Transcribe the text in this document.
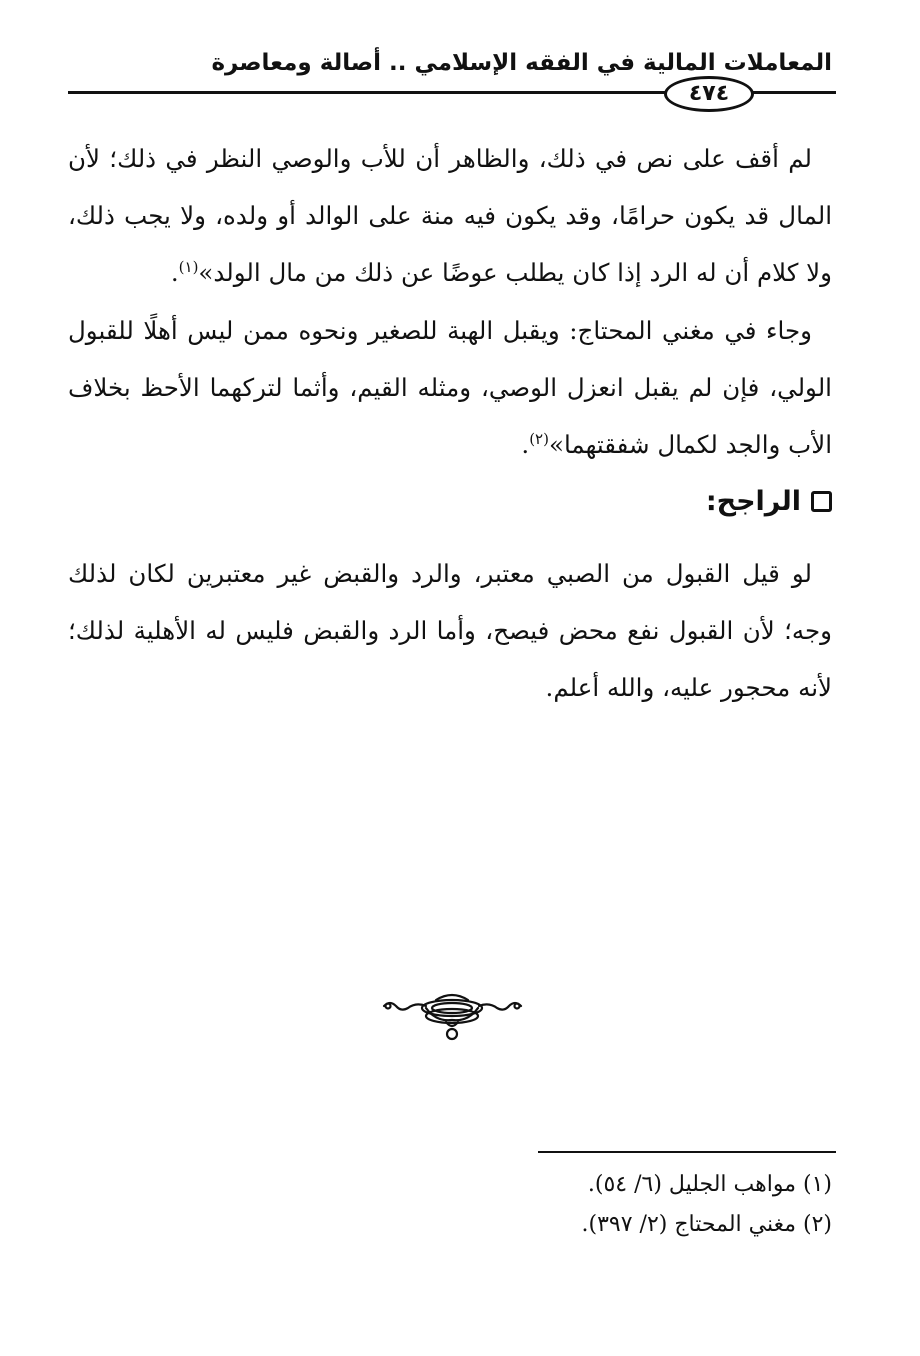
المعاملات المالية في الفقه الإسلامي .. أصالة ومعاصرة
٤٧٤

لم أقف على نص في ذلك، والظاهر أن للأب والوصي النظر في ذلك؛ لأن المال قد يكون حرامًا، وقد يكون فيه منة على الوالد أو ولده، ولا يجب ذلك، ولا كلام أن له الرد إذا كان يطلب عوضًا عن ذلك من مال الولد»$^{(١)}$.

وجاء في مغني المحتاج: ويقبل الهبة للصغير ونحوه ممن ليس أهلًا للقبول الولي، فإن لم يقبل انعزل الوصي، ومثله القيم، وأثما لتركهما الأحظ بخلاف الأب والجد لكمال شفقتهما»$^{(٢)}$.

الراجح:

لو قيل القبول من الصبي معتبر، والرد والقبض غير معتبرين لكان لذلك وجه؛ لأن القبول نفع محض فيصح، وأما الرد والقبض فليس له الأهلية لذلك؛ لأنه محجور عليه، والله أعلم.

(١) مواهب الجليل (٦/ ٥٤).

(٢) مغني المحتاج (٢/ ٣٩٧).
